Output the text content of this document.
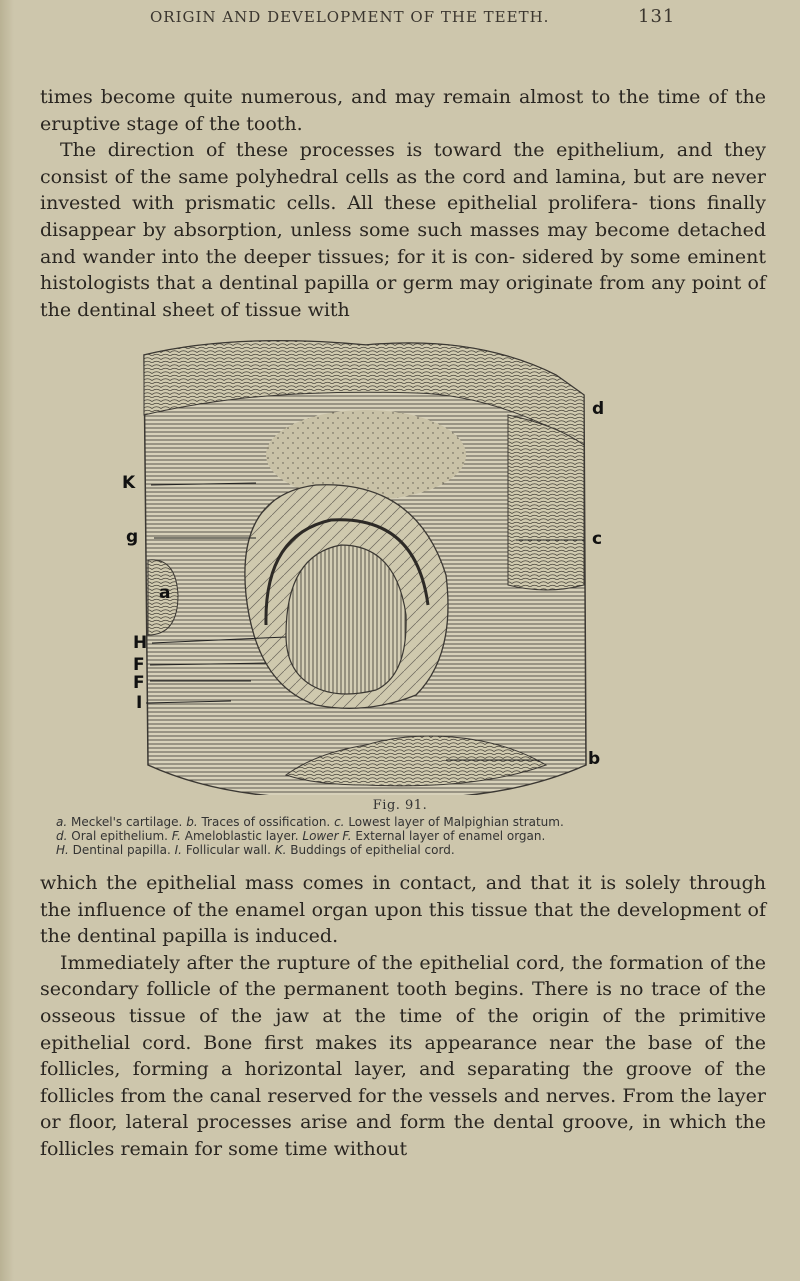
ORIGIN AND DEVELOPMENT OF THE TEETH.	131

times become quite numerous, and may remain almost to the time of the eruptive stage of the tooth.

The direction of these processes is toward the epithelium, and they consist of the same polyhedral cells as the cord and lamina, but are never invested with prismatic cells. All these epithelial prolifera- tions finally disappear by absorption, unless some such masses may become detached and wander into the deeper tissues; for it is con- sidered by some eminent histologists that a dentinal papilla or germ may originate from any point of the dentinal sheet of tissue with

K
g
a
H
F
F
I
d
c
b
Fig. 91.
a. Meckel's cartilage. b. Traces of ossification. c. Lowest layer of Malpighian stratum.
d. Oral epithelium. F. Ameloblastic layer. Lower F. External layer of enamel organ.
H. Dentinal papilla. I. Follicular wall. K. Buddings of epithelial cord.

which the epithelial mass comes in contact, and that it is solely through the influence of the enamel organ upon this tissue that the development of the dentinal papilla is induced.

Immediately after the rupture of the epithelial cord, the formation of the secondary follicle of the permanent tooth begins. There is no trace of the osseous tissue of the jaw at the time of the origin of the primitive epithelial cord. Bone first makes its appearance near the base of the follicles, forming a horizontal layer, and separating the groove of the follicles from the canal reserved for the vessels and nerves. From the layer or floor, lateral processes arise and form the dental groove, in which the follicles remain for some time without
